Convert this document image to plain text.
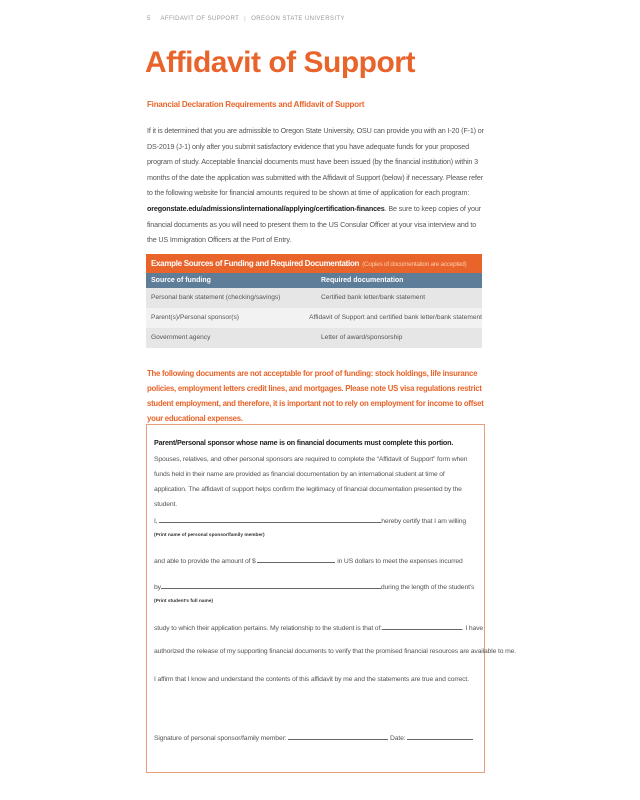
5 AFFIDAVIT OF SUPPORT | OREGON STATE UNIVERSITY
Affidavit of Support
Financial Declaration Requirements and Affidavit of Support

If it is determined that you are admissible to Oregon State University, OSU can provide you with an I-20 (F-1) or DS-2019 (J-1) only after you submit satisfactory evidence that you have adequate funds for your proposed program of study. Acceptable financial documents must have been issued (by the financial institution) within 3 months of the date the application was submitted with the Affidavit of Support (below) if necessary. Please refer to the following website for financial amounts required to be shown at time of application for each program: oregonstate.edu/admissions/international/applying/certification-finances. Be sure to keep copies of your financial documents as you will need to present them to the US Consular Officer at your visa interview and to the US Immigration Officers at the Port of Entry.

Example Sources of Funding and Required Documentation (Copies of documentation are accepted)
Source of funding	Required documentation
Personal bank statement (checking/savings)	Certified bank letter/bank statement
Parent(s)/Personal sponsor(s)	Affidavit of Support and certified bank letter/bank statement
Government agency	Letter of award/sponsorship

The following documents are not acceptable for proof of funding: stock holdings, life insurance policies, employment letters credit lines, and mortgages. Please note US visa regulations restrict student employment, and therefore, it is important not to rely on employment for income to offset your educational expenses.

Parent/Personal sponsor whose name is on financial documents must complete this portion.

Spouses, relatives, and other personal sponsors are required to complete the “Affidavit of Support” form when funds held in their name are provided as financial documentation by an international student at time of application. The affidavit of support helps confirm the legitimacy of financial documentation presented by the student.

I,	hereby certify that I am willing
(Print name of personal sponsor/family member)
and able to provide the amount of $	in US dollars to meet the expenses incurred
by	during the length of the student’s
(Print student’s full name)
study to which their application pertains. My relationship to the student is that of:	. I have
authorized the release of my supporting financial documents to verify that the promised financial resources are available to me.
I affirm that I know and understand the contents of this affidavit by me and the statements are true and correct.
Signature of personal sponsor/family member:	Date:
